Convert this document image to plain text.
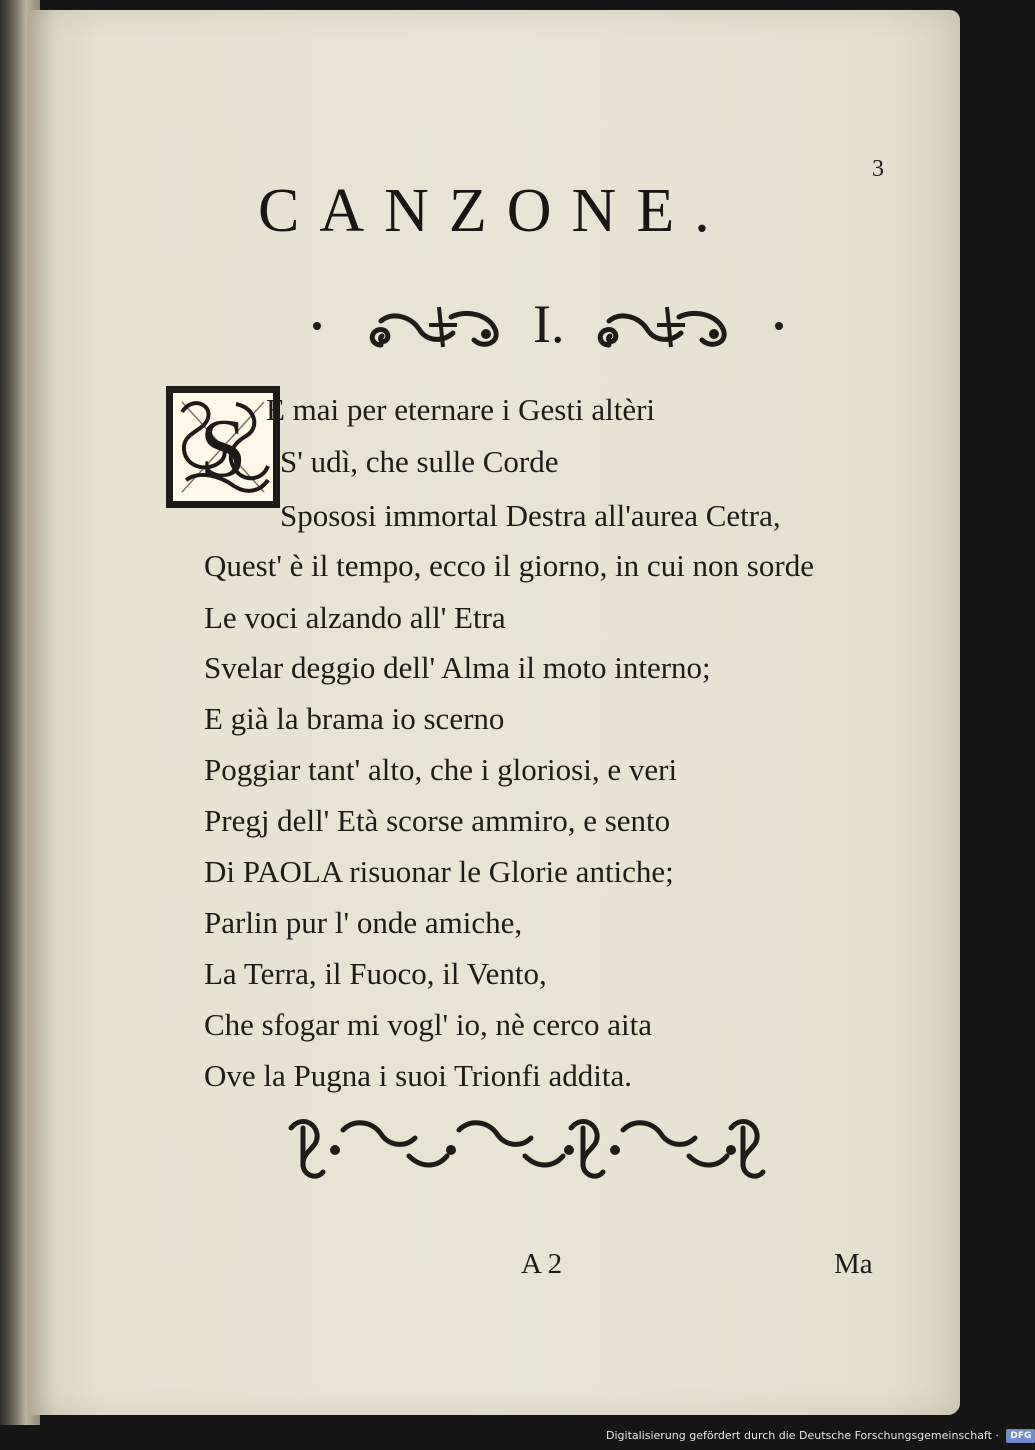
3
CANZONE.
I.
S E mai per eternare i Gesti altèri
S' udì, che sulle Corde
Spososi immortal Destra all'aurea Cetra,
Quest' è il tempo, ecco il giorno, in cui non sorde
Le voci alzando all' Etra
Svelar deggio dell' Alma il moto interno;
E già la brama io scerno
Poggiar tant' alto, che i gloriosi, e veri
Pregj dell' Età scorse ammiro, e sento
Di PAOLA risuonar le Glorie antiche;
Parlin pur l' onde amiche,
La Terra, il Fuoco, il Vento,
Che sfogar mi vogl' io, nè cerco aita
Ove la Pugna i suoi Trionfi addita.
A 2	Ma
Digitalisierung gefördert durch die Deutsche Forschungsgemeinschaft · DFG
